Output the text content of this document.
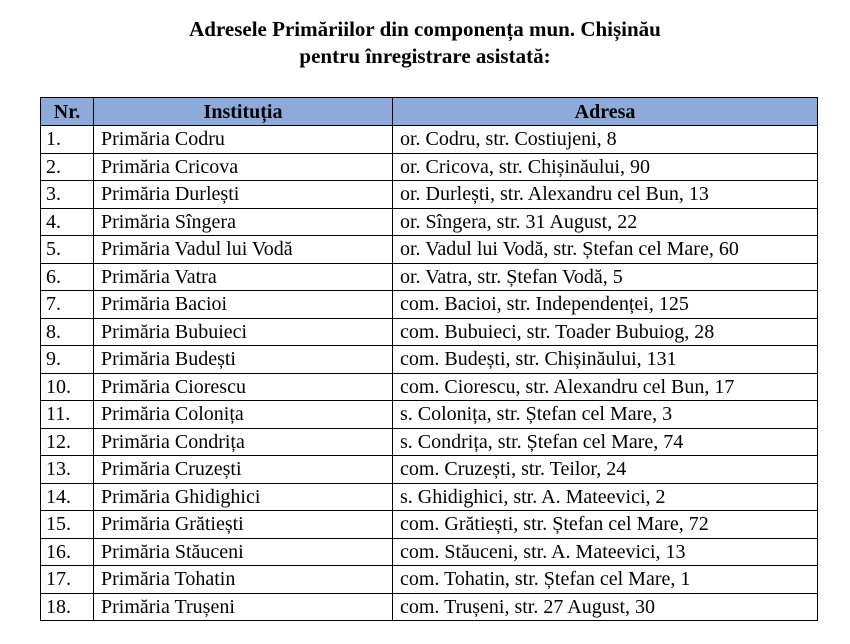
Adresele Primăriilor din componența mun. Chișinău
pentru înregistrare asistată:
Nr.	Instituția	Adresa
1.	Primăria Codru	or. Codru, str. Costiujeni, 8
2.	Primăria Cricova	or. Cricova, str. Chișinăului, 90
3.	Primăria Durlești	or. Durlești, str. Alexandru cel Bun, 13
4.	Primăria Sîngera	or. Sîngera, str. 31 August, 22
5.	Primăria Vadul lui Vodă	or. Vadul lui Vodă, str. Ștefan cel Mare, 60
6.	Primăria Vatra	or. Vatra, str. Ștefan Vodă, 5
7.	Primăria Bacioi	com. Bacioi, str. Independenței, 125
8.	Primăria Bubuieci	com. Bubuieci, str. Toader Bubuiog, 28
9.	Primăria Budești	com. Budești, str. Chișinăului, 131
10.	Primăria Ciorescu	com. Ciorescu, str. Alexandru cel Bun, 17
11.	Primăria Colonița	s. Colonița, str. Ștefan cel Mare, 3
12.	Primăria Condrița	s. Condrița, str. Ștefan cel Mare, 74
13.	Primăria Cruzești	com. Cruzești, str. Teilor, 24
14.	Primăria Ghidighici	s. Ghidighici, str. A. Mateevici, 2
15.	Primăria Grătiești	com. Grătiești, str. Ștefan cel Mare, 72
16.	Primăria Stăuceni	com. Stăuceni, str. A. Mateevici, 13
17.	Primăria Tohatin	com. Tohatin, str. Ștefan cel Mare, 1
18.	Primăria Trușeni	com. Trușeni, str. 27 August, 30
